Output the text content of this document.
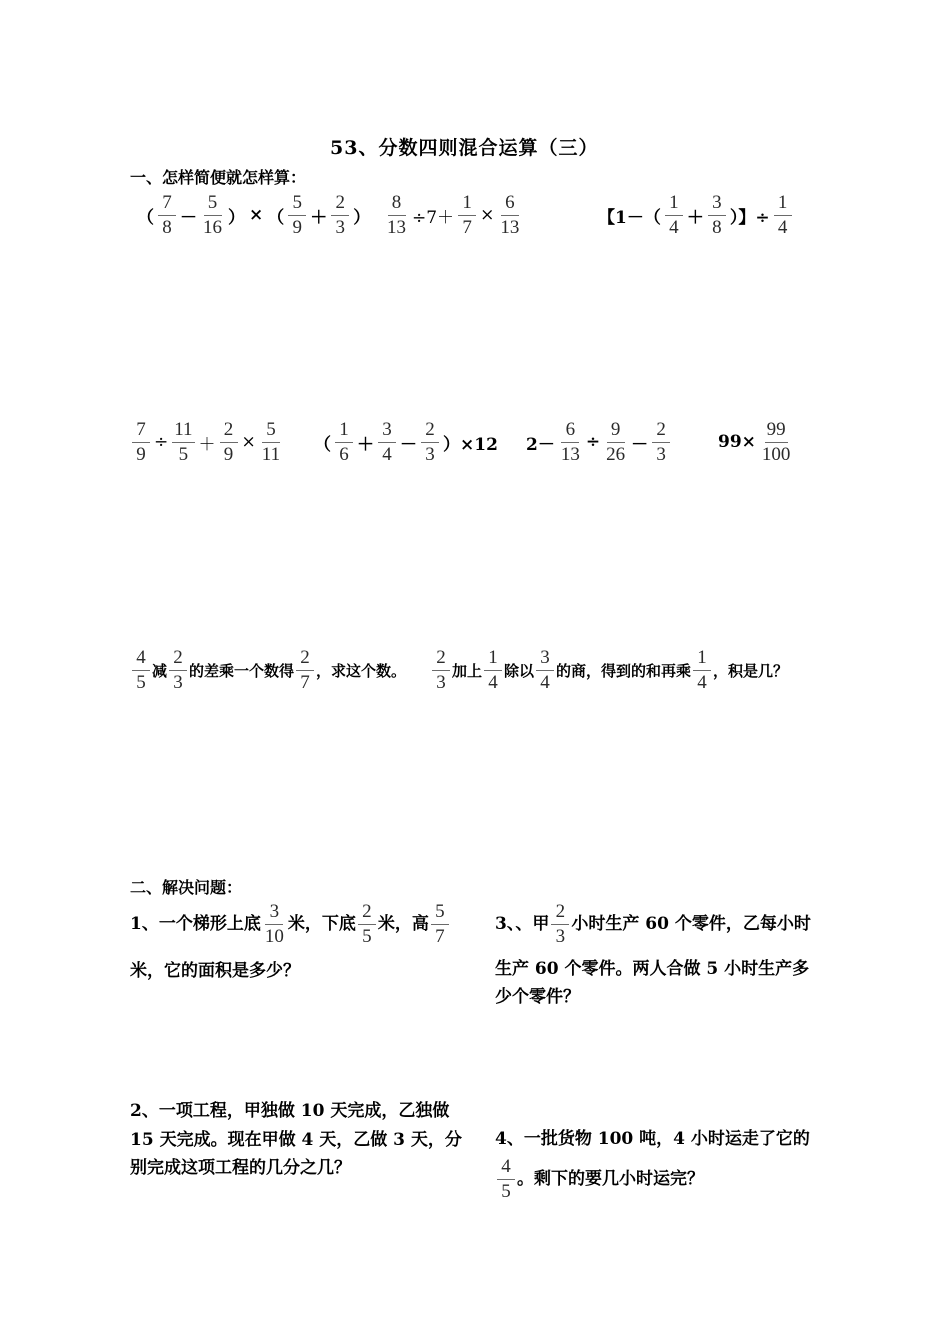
53、分数四则混合运算（三）
一、怎样简便就怎样算：
（ $\frac{7}{8} - \frac{5}{16}$ ） × （ $\frac{5}{9} + \frac{2}{3}$ ） $\frac{8}{13} \div 7+ \frac{1}{7} \times \frac{6}{13}$	【$1-( \frac{1}{4} + \frac{3}{8}$ ）】÷ $\frac{1}{4}$
$\frac{7}{9} \div \frac{11}{5} + \frac{2}{9} \times \frac{5}{11}$ （ $\frac{1}{6} + \frac{3}{4} - \frac{2}{3} )\times 12$ $2- \frac{6}{13} \div \frac{9}{26} - \frac{2}{3}$	$99\times \frac{99}{100}$
$\frac{4}{5}$ 减 $\frac{2}{3}$ 的差乘一个数得 $\frac{2}{7}$ ，求这个数。 $\frac{2}{3}$ 加上 $\frac{1}{4}$ 除以 $\frac{3}{4}$ 的商，得到的和再乘 $\frac{1}{4}$ ，积是几？
二、解决问题：
1、一个梯形上底 $\frac{3}{10}$ 米，下底 $\frac{2}{5}$ 米，高 $\frac{5}{7}$
米，它的面积是多少？
3、、甲 $\frac{2}{3}$ 小时生产 60 个零件，乙每小时
生产 60 个零件。两人合做 5 小时生产多
少个零件？
2、一项工程，甲独做 10 天完成，乙独做
15 天完成。现在甲做 4 天，乙做 3 天，分
别完成这项工程的几分之几？
4、一批货物 100 吨，4 小时运走了它的
$\frac{4}{5}$ 。剩下的要几小时运完？
